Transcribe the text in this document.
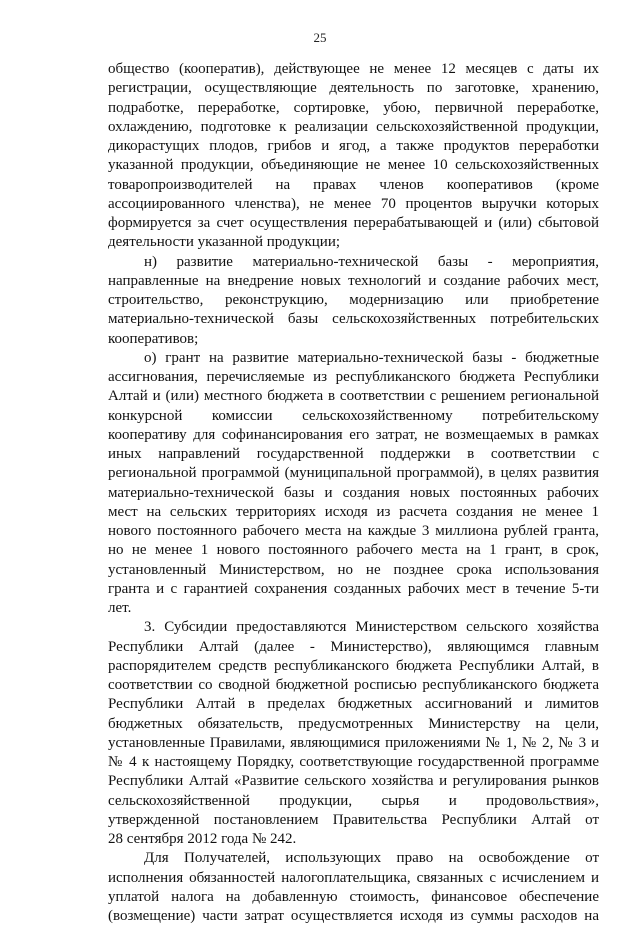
25
общество (кооператив), действующее не менее 12 месяцев с даты их
регистрации, осуществляющие деятельность по заготовке, хранению,
подработке, переработке, сортировке, убою, первичной переработке,
охлаждению, подготовке к реализации сельскохозяйственной продукции,
дикорастущих плодов, грибов и ягод, а также продуктов переработки
указанной продукции, объединяющие не менее 10 сельскохозяйственных
товаропроизводителей на правах членов кооперативов (кроме
ассоциированного членства), не менее 70 процентов выручки которых
формируется за счет осуществления перерабатывающей и (или) сбытовой
деятельности указанной продукции;
н) развитие материально-технической базы - мероприятия,
направленные на внедрение новых технологий и создание рабочих мест,
строительство, реконструкцию, модернизацию или приобретение
материально-технической базы сельскохозяйственных потребительских
кооперативов;
о) грант на развитие материально-технической базы - бюджетные
ассигнования, перечисляемые из республиканского бюджета Республики
Алтай и (или) местного бюджета в соответствии с решением региональной
конкурсной комиссии сельскохозяйственному потребительскому
кооперативу для софинансирования его затрат, не возмещаемых в рамках
иных направлений государственной поддержки в соответствии с
региональной программой (муниципальной программой), в целях развития
материально-технической базы и создания новых постоянных рабочих
мест на сельских территориях исходя из расчета создания не менее 1
нового постоянного рабочего места на каждые 3 миллиона рублей гранта,
но не менее 1 нового постоянного рабочего места на 1 грант, в срок,
установленный Министерством, но не позднее срока использования
гранта и с гарантией сохранения созданных рабочих мест в течение 5-ти
лет.
3. Субсидии предоставляются Министерством сельского хозяйства
Республики Алтай (далее - Министерство), являющимся главным
распорядителем средств республиканского бюджета Республики Алтай, в
соответствии со сводной бюджетной росписью республиканского бюджета
Республики Алтай в пределах бюджетных ассигнований и лимитов
бюджетных обязательств, предусмотренных Министерству на цели,
установленные Правилами, являющимися приложениями № 1, № 2, № 3 и
№ 4 к настоящему Порядку, соответствующие государственной программе
Республики Алтай «Развитие сельского хозяйства и регулирования рынков
сельскохозяйственной продукции, сырья и продовольствия»,
утвержденной постановлением Правительства Республики Алтай от
28 сентября 2012 года № 242.
Для Получателей, использующих право на освобождение от
исполнения обязанностей налогоплательщика, связанных с исчислением и
уплатой налога на добавленную стоимость, финансовое обеспечение
(возмещение) части затрат осуществляется исходя из суммы расходов на
